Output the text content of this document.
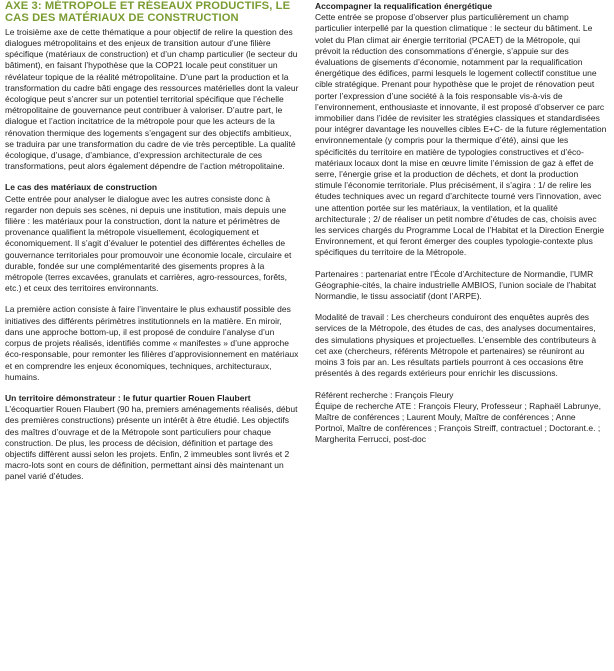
AXE 3: MÉTROPOLE ET RÉSEAUX PRODUCTIFS, LE CAS DES MATÉRIAUX DE CONSTRUCTION

Le troisième axe de cette thématique a pour objectif de relire la question des dialogues métropolitains et des enjeux de transition autour d’une filière spécifique (matériaux de construction) et d’un champ particulier (le secteur du bâtiment), en faisant l’hypothèse que la COP21 locale peut constituer un révélateur topique de la réalité métropolitaine. D’une part la production et la transformation du cadre bâti engage des ressources matérielles dont la valeur écologique peut s’ancrer sur un potentiel territorial spécifique que l’échelle métropolitaine de gouvernance peut contribuer à valoriser. D’autre part, le dialogue et l’action incitatrice de la métropole pour que les acteurs de la rénovation thermique des logements s’engagent sur des objectifs ambitieux, se traduira par une transformation du cadre de vie très perceptible. La qualité écologique, d’usage, d’ambiance, d’expression architecturale de ces transformations, peut alors également dépendre de l’action métropolitaine.

Le cas des matériaux de construction

Cette entrée pour analyser le dialogue avec les autres consiste donc à regarder non depuis ses scènes, ni depuis une institution, mais depuis une filière : les matériaux pour la construction, dont la nature et périmètres de provenance qualifient la métropole visuellement, écologiquement et économiquement. Il s’agit d’évaluer le potentiel des différentes échelles de gouvernance territoriales pour promouvoir une économie locale, circulaire et durable, fondée sur une complémentarité des gisements propres à la métropole (terres excavées, granulats et carrières, agro-ressources, forêts, etc.) et ceux des territoires environnants.

La première action consiste à faire l’inventaire le plus exhaustif possible des initiatives des différents périmètres institutionnels en la matière. En miroir, dans une approche bottom-up, il est proposé de conduire l’analyse d’un corpus de projets réalisés, identifiés comme « manifestes » d’une approche éco-responsable, pour remonter les filières d’approvisionnement en matériaux et en comprendre les enjeux économiques, techniques, architecturaux, humains.

Un territoire démonstrateur : le futur quartier Rouen Flaubert

L’écoquartier Rouen Flaubert (90 ha, premiers aménagements réalisés, début des premières constructions) présente un intérêt à être étudié. Les objectifs des maîtres d’ouvrage et de la Métropole sont particuliers pour chaque construction. De plus, les process de décision, définition et partage des objectifs diffèrent aussi selon les projets. Enfin, 2 immeubles sont livrés et 2 macro-lots sont en cours de définition, permettant ainsi dès maintenant un panel varié d’études.

Accompagner la requalification énergétique

Cette entrée se propose d’observer plus particulièrement un champ particulier interpellé par la question climatique : le secteur du bâtiment. Le volet du Plan climat air énergie territorial (PCAET) de la Métropole, qui prévoit la réduction des consommations d’énergie, s’appuie sur des évaluations de gisements d’économie, notamment par la requalification énergétique des édifices, parmi lesquels le logement collectif constitue une cible stratégique. Prenant pour hypothèse que le projet de rénovation peut porter l’expression d’une société à la fois responsable vis-à-vis de l’environnement, enthousiaste et innovante, il est proposé d’observer ce parc immobilier dans l’idée de revisiter les stratégies classiques et standardisées pour intégrer davantage les nouvelles cibles E+C- de la future réglementation environnementale (y compris pour la thermique d’été), ainsi que les spécificités du territoire en matière de typologies constructives et d’éco-matériaux locaux dont la mise en œuvre limite l’émission de gaz à effet de serre, l’énergie grise et la production de déchets, et dont la production stimule l’économie territoriale. Plus précisément, il s’agira : 1/ de relire les études techniques avec un regard d’architecte tourné vers l’innovation, avec une attention portée sur les matériaux, la ventilation, et la qualité architecturale ; 2/ de réaliser un petit nombre d’études de cas, choisis avec les services chargés du Programme Local de l’Habitat et la Direction Energie Environnement, et qui feront émerger des couples typologie-contexte plus spécifiques du territoire de la Métropole.

Partenaires : partenariat entre l’École d’Architecture de Normandie, l’UMR Géographie-cités, la chaire industrielle AMBIOS, l’union sociale de l’habitat Normandie, le tissu associatif (dont l’ARPE).

Modalité de travail : Les chercheurs conduiront des enquêtes auprès des services de la Métropole, des études de cas, des analyses documentaires, des simulations physiques et projectuelles. L’ensemble des contributeurs à cet axe (chercheurs, référents Métropole et partenaires) se réuniront au moins 3 fois par an. Les résultats partiels pourront à ces occasions être présentés à des regards extérieurs pour enrichir les discussions.

Référent recherche : François Fleury

Équipe de recherche ATE : François Fleury, Professeur ; Raphaël Labrunye, Maître de conférences ; Laurent Mouly, Maître de conférences ; Anne Portnoï, Maître de conférences ; François Streiff, contractuel ; Doctorant.e. ; Margherita Ferrucci, post-doc
